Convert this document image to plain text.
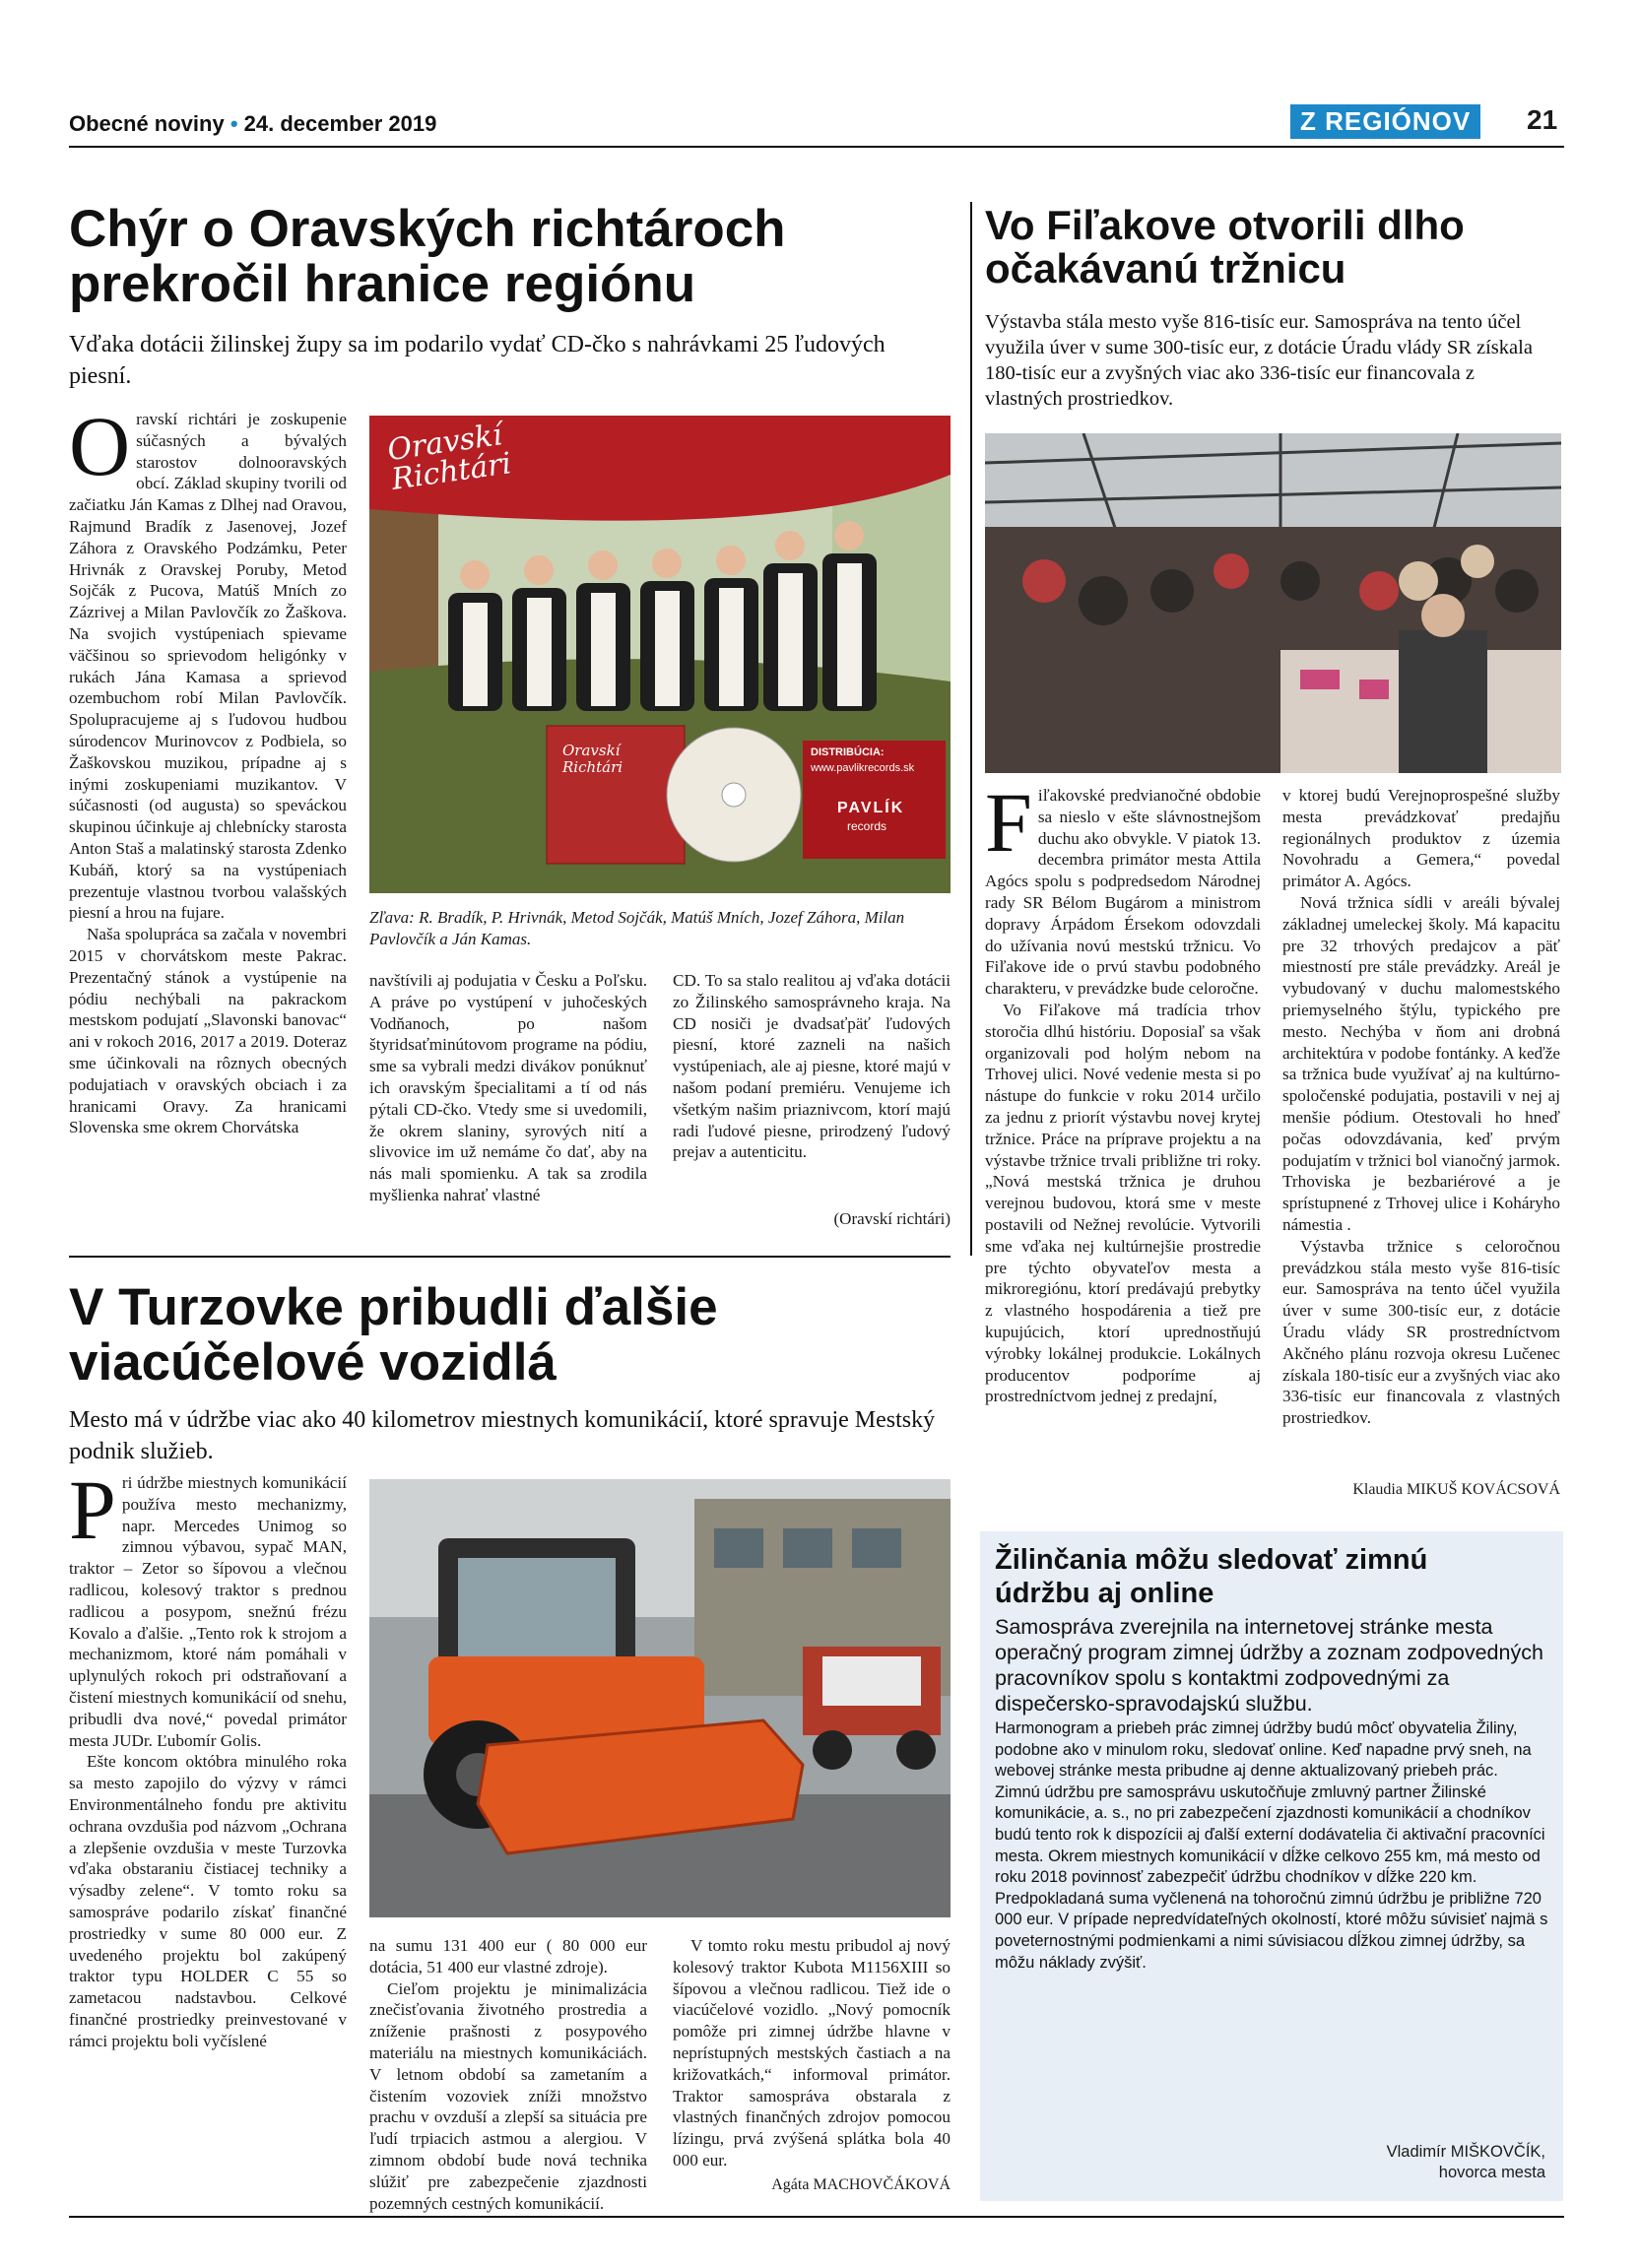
Obecné noviny • 24. december 2019	Z REGIÓNOV	21
Chýr o Oravských richtároch
prekročil hranice regiónu
Vďaka dotácii žilinskej župy sa im podarilo vydať CD-čko s nahrávkami 25 ľudových piesní.

Oravskí richtári je zoskupenie súčasných a bývalých starostov dolnooravských obcí. Základ skupiny tvorili od začiatku Ján Kamas z Dlhej nad Oravou, Rajmund Bradík z Jasenovej, Jozef Záhora z Oravského Podzámku, Peter Hrivnák z Oravskej Poruby, Metod Sojčák z Pucova, Matúš Mních zo Zázrivej a Milan Pavlovčík zo Žaškova. Na svojich vystúpeniach spievame väčšinou so sprievodom heligónky v rukách Jána Kamasa a sprievod ozembuchom robí Milan Pavlovčík. Spolupracujeme aj s ľudovou hudbou súrodencov Murinovcov z Podbiela, so Žaškovskou muzikou, prípadne aj s inými zoskupeniami muzikantov. V súčasnosti (od augusta) so speváckou skupinou účinkuje aj chlebnícky starosta Anton Staš a malatinský starosta Zdenko Kubáň, ktorý sa na vystúpeniach prezentuje vlastnou tvorbou valašských piesní a hrou na fujare.

Naša spolupráca sa začala v novembri 2015 v chorvátskom meste Pakrac. Prezentačný stánok a vystúpenie na pódiu nechýbali na pakrackom mestskom podujatí „Slavonski banovac“ ani v rokoch 2016, 2017 a 2019. Doteraz sme účinkovali na rôznych obecných podujatiach v oravských obciach i za hranicami Oravy. Za hranicami Slovenska sme okrem Chorvátska

Oravskí Richtári
Oravskí Richtári
DISTRIBÚCIA:
www.pavlikrecords.sk
PAVLÍK
records
Zľava: R. Bradík, P. Hrivnák, Metod Sojčák, Matúš Mních, Jozef Záhora, Milan Pavlovčík a Ján Kamas.

navštívili aj podujatia v Česku a Poľsku. A práve po vystúpení v juhočeských Vodňanoch, po našom štyridsaťminútovom programe na pódiu, sme sa vybrali medzi divákov ponúknuť ich oravským špecialitami a tí od nás pýtali CD-čko. Vtedy sme si uvedomili, že okrem slaniny, syrových nití a slivovice im už nemáme čo dať, aby na nás mali spomienku. A tak sa zrodila myšlienka nahrať vlastné

CD. To sa stalo realitou aj vďaka dotácii zo Žilinského samosprávneho kraja. Na CD nosiči je dvadsaťpäť ľudových piesní, ktoré zazneli na našich vystúpeniach, ale aj piesne, ktoré majú v našom podaní premiéru. Venujeme ich všetkým našim priaznivcom, ktorí majú radi ľudové piesne, prirodzený ľudový prejav a autenticitu.

(Oravskí richtári)
Vo Fiľakove otvorili dlho
očakávanú tržnicu
Výstavba stála mesto vyše 816-tisíc eur. Samospráva na tento účel využila úver v sume 300-tisíc eur, z dotácie Úradu vlády SR získala 180-tisíc eur a zvyšných viac ako 336-tisíc eur financovala z vlastných prostriedkov.

Fiľakovské predvianočné obdobie sa nieslo v ešte slávnostnejšom duchu ako obvykle. V piatok 13. decembra primátor mesta Attila Agócs spolu s podpredsedom Národnej rady SR Bélom Bugárom a ministrom dopravy Árpádom Érsekom odovzdali do užívania novú mestskú tržnicu. Vo Fiľakove ide o prvú stavbu podobného charakteru, v prevádzke bude celoročne.

Vo Fiľakove má tradícia trhov storočia dlhú históriu. Doposiaľ sa však organizovali pod holým nebom na Trhovej ulici. Nové vedenie mesta si po nástupe do funkcie v roku 2014 určilo za jednu z priorít výstavbu novej krytej tržnice. Práce na príprave projektu a na výstavbe tržnice trvali približne tri roky. „Nová mestská tržnica je druhou verejnou budovou, ktorá sme v meste postavili od Nežnej revolúcie. Vytvorili sme vďaka nej kultúrnejšie prostredie pre týchto obyvateľov mesta a mikroregiónu, ktorí predávajú prebytky z vlastného hospodárenia a tiež pre kupujúcich, ktorí uprednostňujú výrobky lokálnej produkcie. Lokálnych producentov podporíme aj prostredníctvom jednej z predajní,

v ktorej budú Verejnoprospešné služby mesta prevádzkovať predajňu regionálnych produktov z územia Novohradu a Gemera,“ povedal primátor A. Agócs.

Nová tržnica sídli v areáli bývalej základnej umeleckej školy. Má kapacitu pre 32 trhových predajcov a päť miestností pre stále prevádzky. Areál je vybudovaný v duchu malomestského priemyselného štýlu, typického pre mesto. Nechýba v ňom ani drobná architektúra v podobe fontánky. A keďže sa tržnica bude využívať aj na kultúrno-spoločenské podujatia, postavili v nej aj menšie pódium. Otestovali ho hneď počas odovzdávania, keď prvým podujatím v tržnici bol vianočný jarmok. Trhoviska je bezbariérové a je sprístupnené z Trhovej ulice i Koháryho námestia .

Výstavba tržnice s celoročnou prevádzkou stála mesto vyše 816-tisíc eur. Samospráva na tento účel využila úver v sume 300-tisíc eur, z dotácie Úradu vlády SR prostredníctvom Akčného plánu rozvoja okresu Lučenec získala 180-tisíc eur a zvyšných viac ako 336-tisíc eur financovala z vlastných prostriedkov.

Klaudia MIKUŠ KOVÁCSOVÁ
V Turzovke pribudli ďalšie
viacúčelové vozidlá
Mesto má v údržbe viac ako 40 kilometrov miestnych komunikácií, ktoré spravuje Mestský podnik služieb.

Pri údržbe miestnych komunikácií používa mesto mechanizmy, napr. Mercedes Unimog so zimnou výbavou, sypač MAN, traktor – Zetor so šípovou a vlečnou radlicou, kolesový traktor s prednou radlicou a posypom, snežnú frézu Kovalo a ďalšie. „Tento rok k strojom a mechanizmom, ktoré nám pomáhali v uplynulých rokoch pri odstraňovaní a čistení miestnych komunikácií od snehu, pribudli dva nové,“ povedal primátor mesta JUDr. Ľubomír Golis.

Ešte koncom októbra minulého roka sa mesto zapojilo do výzvy v rámci Environmentálneho fondu pre aktivitu ochrana ovzdušia pod názvom „Ochrana a zlepšenie ovzdušia v meste Turzovka vďaka obstaraniu čistiacej techniky a výsadby zelene“. V tomto roku sa samospráve podarilo získať finančné prostriedky v sume 80 000 eur. Z uvedeného projektu bol zakúpený traktor typu HOLDER C 55 so zametacou nadstavbou. Celkové finančné prostriedky preinvestované v rámci projektu boli vyčíslené

na sumu 131 400 eur ( 80 000 eur dotácia, 51 400 eur vlastné zdroje).

Cieľom projektu je minimalizácia znečisťovania životného prostredia a zníženie prašnosti z posypového materiálu na miestnych komunikáciách. V letnom období sa zametaním a čistením vozoviek zníži množstvo prachu v ovzduší a zlepší sa situácia pre ľudí trpiacich astmou a alergiou. V zimnom období bude nová technika slúžiť pre zabezpečenie zjazdnosti pozemných cestných komunikácií.

V tomto roku mestu pribudol aj nový kolesový traktor Kubota M1156XIII so šípovou a vlečnou radlicou. Tiež ide o viacúčelové vozidlo. „Nový pomocník pomôže pri zimnej údržbe hlavne v neprístupných mestských častiach a na križovatkách,“ informoval primátor. Traktor samospráva obstarala z vlastných finančných zdrojov pomocou lízingu, prvá zvýšená splátka bola 40 000 eur.

Agáta MACHOVČÁKOVÁ
Žilinčania môžu sledovať zimnú
údržbu aj online
Samospráva zverejnila na internetovej stránke mesta operačný program zimnej údržby a zoznam zodpovedných pracovníkov spolu s kontaktmi zodpovednými za dispečersko-spravodajskú službu.

Harmonogram a priebeh prác zimnej údržby budú môcť obyvatelia Žiliny, podobne ako v minulom roku, sledovať online. Keď napadne prvý sneh, na webovej stránke mesta pribudne aj denne aktualizovaný priebeh prác.

Zimnú údržbu pre samosprávu uskutočňuje zmluvný partner Žilinské komunikácie, a. s., no pri zabezpečení zjazdnosti komunikácií a chodníkov budú tento rok k dispozícii aj ďalší externí dodávatelia či aktivační pracovníci mesta. Okrem miestnych komunikácií v dĺžke celkovo 255 km, má mesto od roku 2018 povinnosť zabezpečiť údržbu chodníkov v dĺžke 220 km.

Predpokladaná suma vyčlenená na tohoročnú zimnú údržbu je približne 720 000 eur. V prípade nepredvídateľných okolností, ktoré môžu súvisieť najmä s poveternostnými podmienkami a nimi súvisiacou dĺžkou zimnej údržby, sa môžu náklady zvýšiť.

Vladimír MIŠKOVČÍK,
hovorca mesta
